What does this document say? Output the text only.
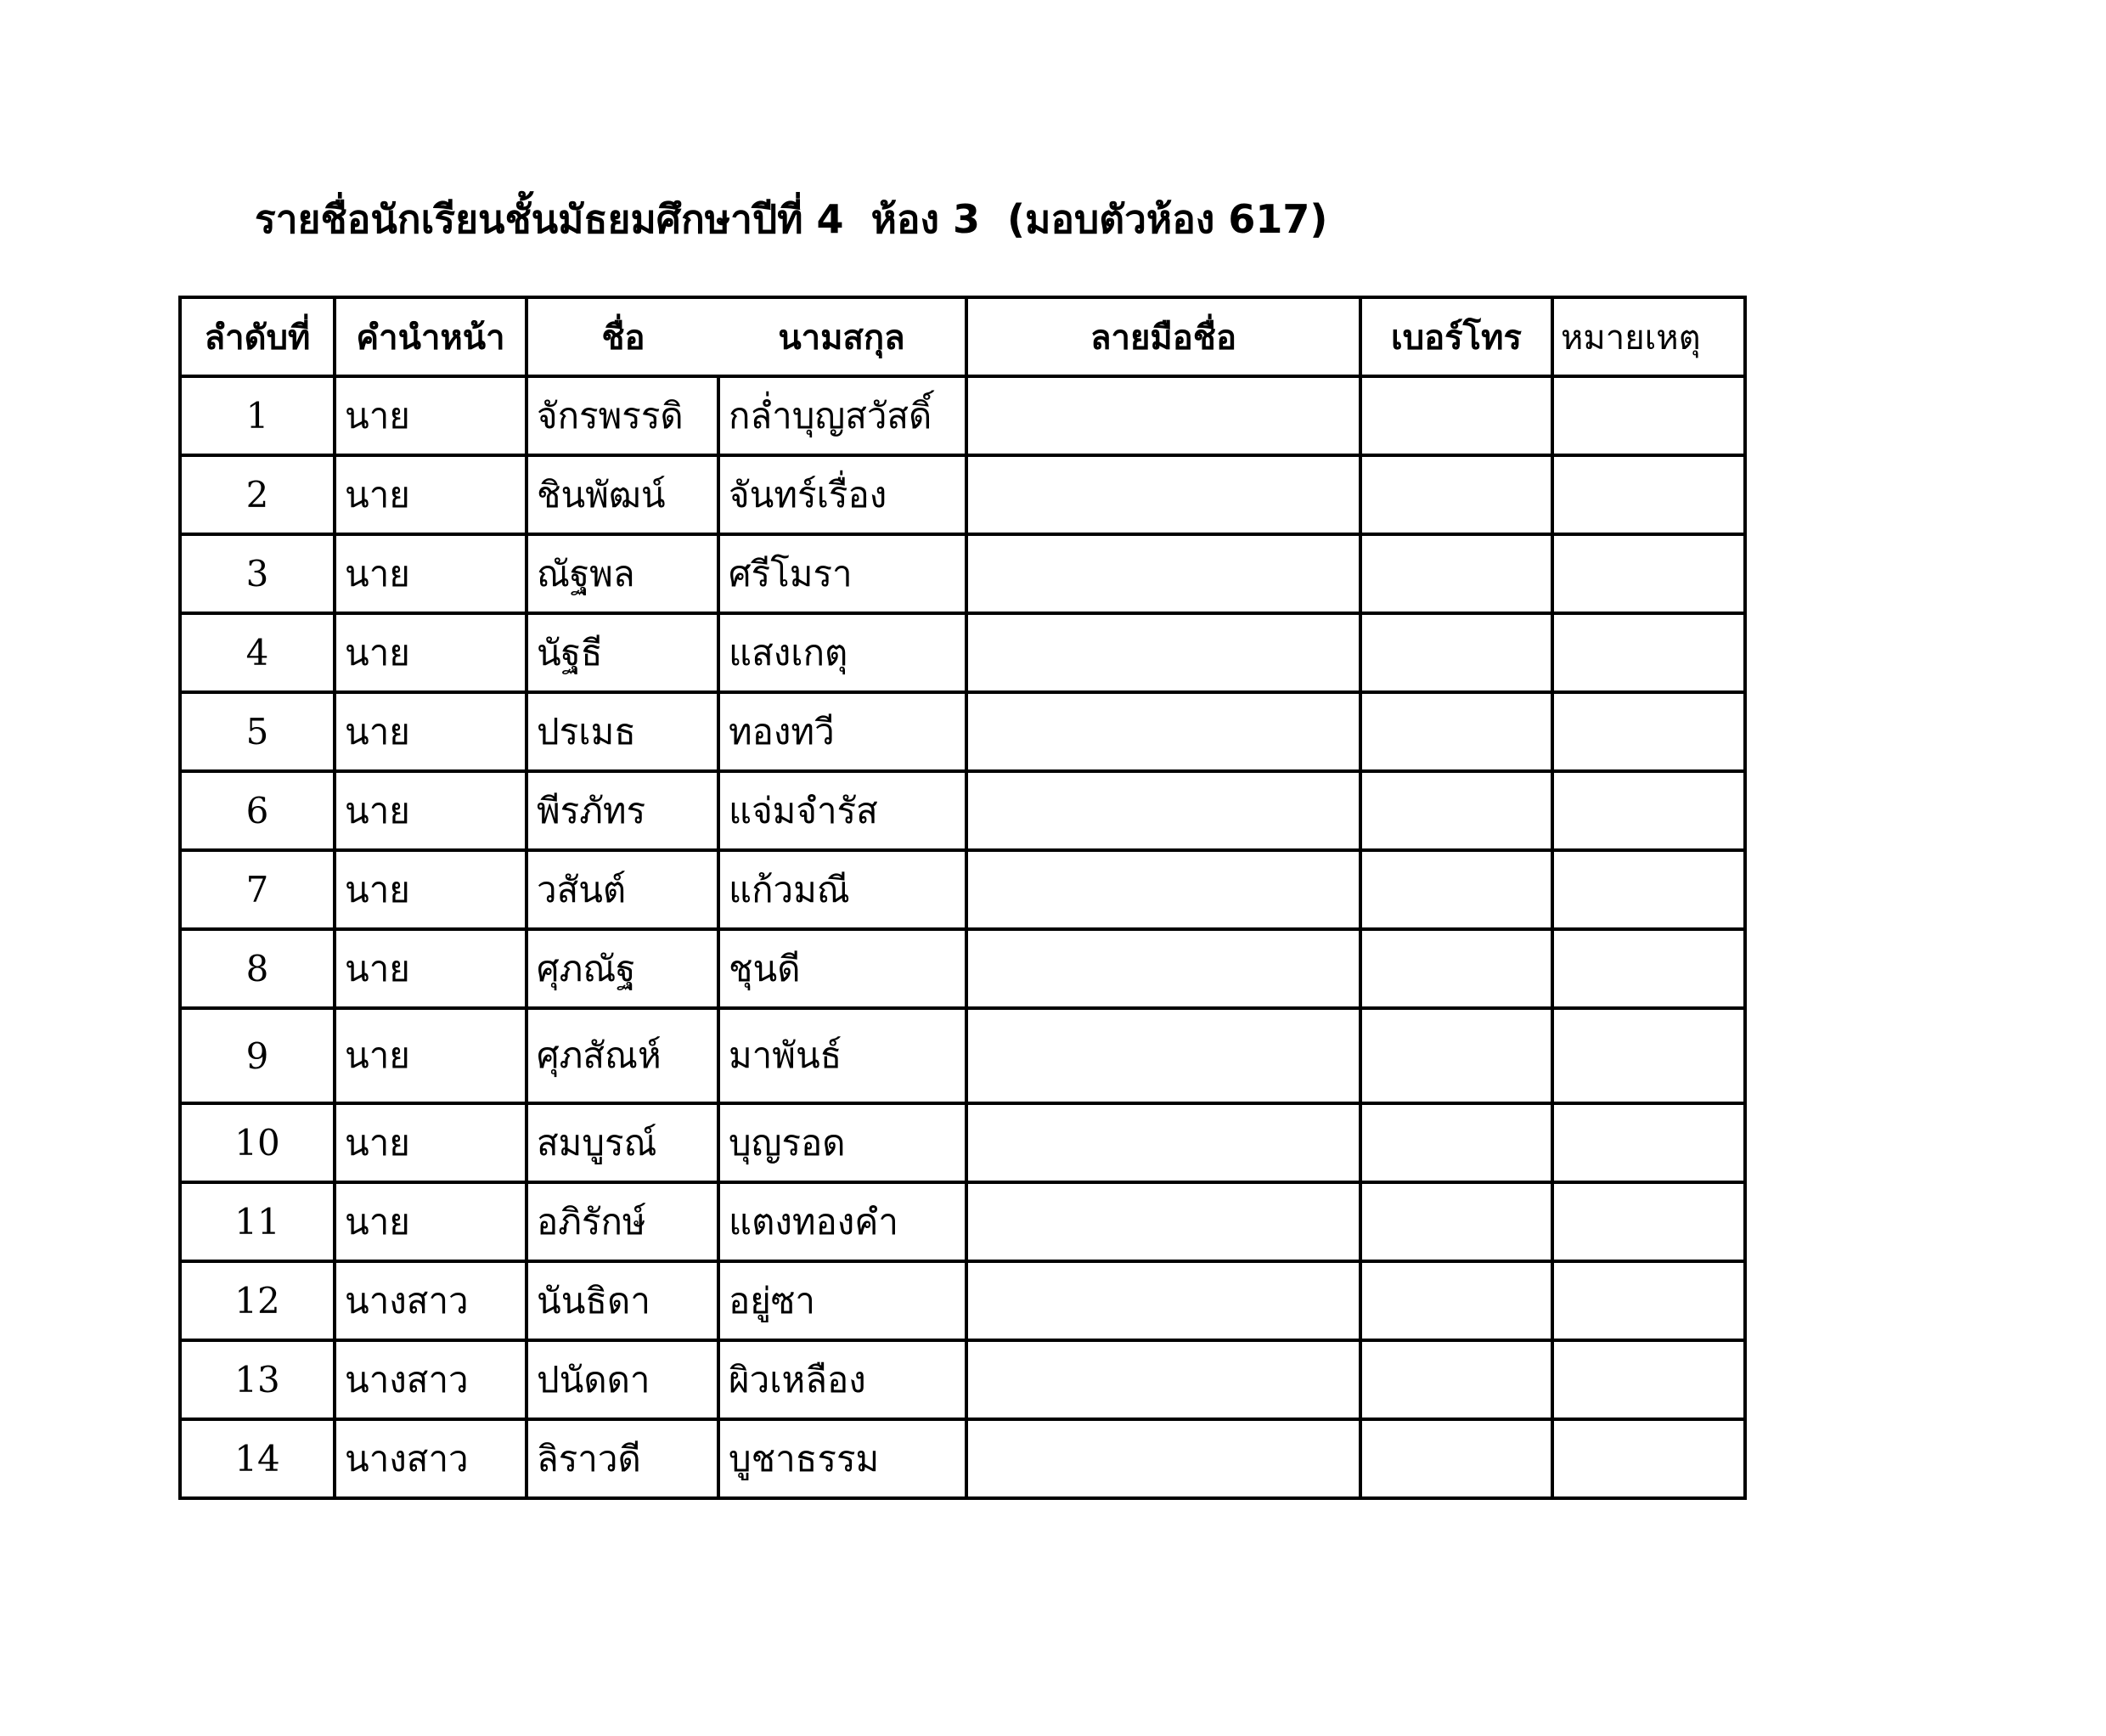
รายชื่อนักเรียนชั้นมัธยมศึกษาปีที่ 4  ห้อง 3  (มอบตัวห้อง 617)
ลำดับที่	คำนำหน้า	ชื่อ	นามสกุล	ลายมือชื่อ	เบอร์โทร	หมายเหตุ
1	นาย	จักรพรรดิ	กล่ำบุญสวัสดิ์			
2	นาย	ชินพัฒน์	จันทร์เรื่อง			
3	นาย	ณัฐพล	ศรีโมรา			
4	นาย	นัฐธี	แสงเกตุ			
5	นาย	ปรเมธ	ทองทวี			
6	นาย	พีรภัทร	แจ่มจำรัส			
7	นาย	วสันต์	แก้วมณี			
8	นาย	ศุภณัฐ	ชุนดี			
9	นาย	ศุภสัณห์	มาพันธ์			
10	นาย	สมบูรณ์	บุญรอด			
11	นาย	อภิรักษ์	แตงทองคำ			
12	นางสาว	นันธิดา	อยู่ซา			
13	นางสาว	ปนัดดา	ผิวเหลือง			
14	นางสาว	ลิราวดี	บูชาธรรม			
